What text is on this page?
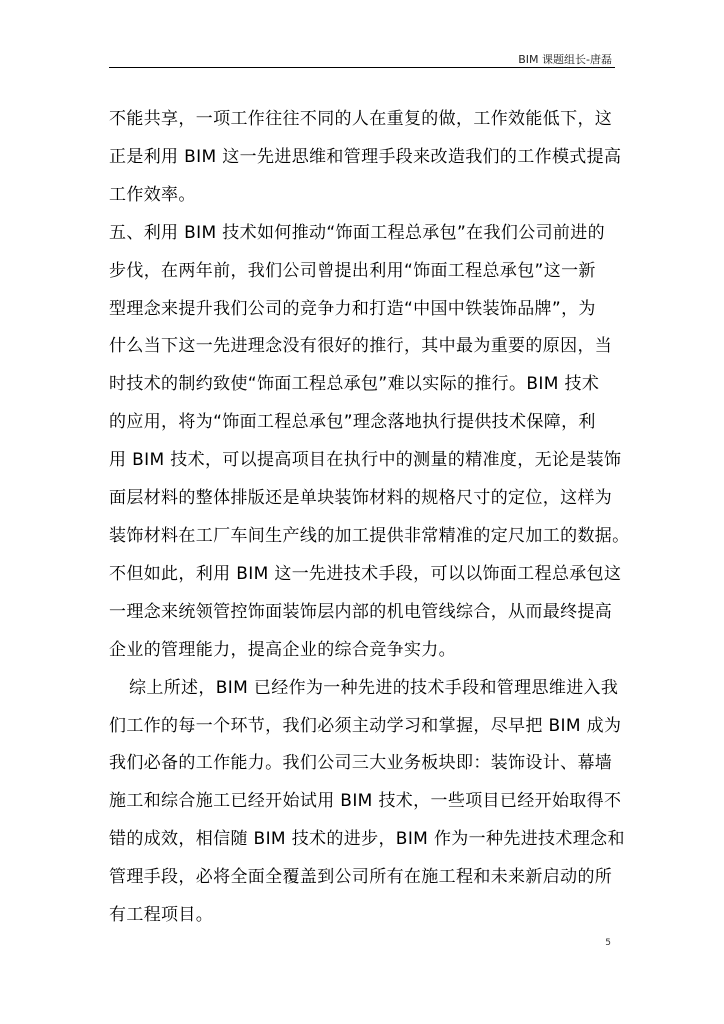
BIM 课题组长-唐磊
不能共享，一项工作往往不同的人在重复的做，工作效能低下，这
正是利用 BIM 这一先进思维和管理手段来改造我们的工作模式提高
工作效率。
五、利用 BIM 技术如何推动“饰面工程总承包”在我们公司前进的
步伐，在两年前，我们公司曾提出利用“饰面工程总承包”这一新
型理念来提升我们公司的竞争力和打造“中国中铁装饰品牌”，为
什么当下这一先进理念没有很好的推行，其中最为重要的原因，当
时技术的制约致使“饰面工程总承包”难以实际的推行。BIM 技术
的应用，将为“饰面工程总承包”理念落地执行提供技术保障，利
用 BIM 技术，可以提高项目在执行中的测量的精准度，无论是装饰
面层材料的整体排版还是单块装饰材料的规格尺寸的定位，这样为
装饰材料在工厂车间生产线的加工提供非常精准的定尺加工的数据。
不但如此，利用 BIM 这一先进技术手段，可以以饰面工程总承包这
一理念来统领管控饰面装饰层内部的机电管线综合，从而最终提高
企业的管理能力，提高企业的综合竞争实力。
综上所述，BIM 已经作为一种先进的技术手段和管理思维进入我
们工作的每一个环节，我们必须主动学习和掌握，尽早把 BIM 成为
我们必备的工作能力。我们公司三大业务板块即：装饰设计、幕墙
施工和综合施工已经开始试用 BIM 技术，一些项目已经开始取得不
错的成效，相信随 BIM 技术的进步，BIM 作为一种先进技术理念和
管理手段，必将全面全覆盖到公司所有在施工程和未来新启动的所
有工程项目。
5
